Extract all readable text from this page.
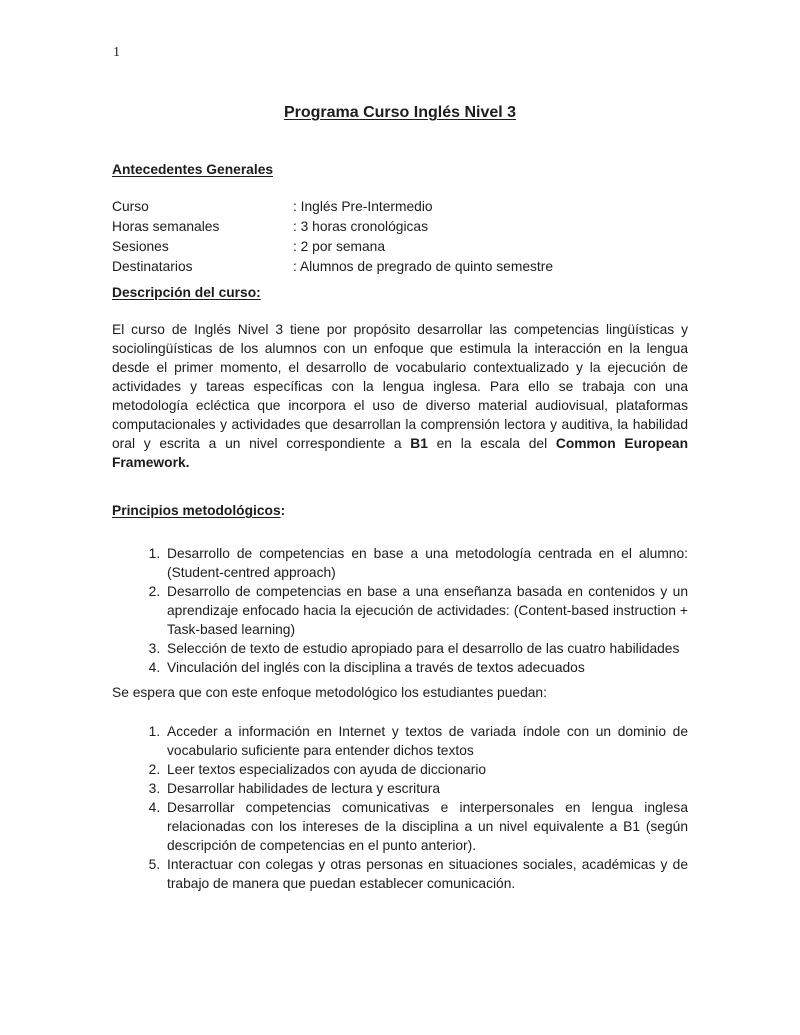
1
Programa Curso Inglés Nivel 3
Antecedentes Generales
Curso	: Inglés Pre-Intermedio
Horas semanales	: 3 horas cronológicas
Sesiones	: 2 por semana
Destinatarios	: Alumnos de pregrado de quinto semestre
Descripción del curso:

El curso de Inglés Nivel 3 tiene por propósito desarrollar las competencias lingüísticas y sociolingüísticas de los alumnos con un enfoque que estimula la interacción en la lengua desde el primer momento, el desarrollo de vocabulario contextualizado y la ejecución de actividades y tareas específicas con la lengua inglesa. Para ello se trabaja con una metodología ecléctica que incorpora el uso de diverso material audiovisual, plataformas computacionales y actividades que desarrollan la comprensión lectora y auditiva, la habilidad oral y escrita a un nivel correspondiente a B1 en la escala del Common European Framework.

Principios metodológicos:
1. Desarrollo de competencias en base a una metodología centrada en el alumno: (Student-centred approach)
2. Desarrollo de competencias en base a una enseñanza basada en contenidos y un aprendizaje enfocado hacia la ejecución de actividades: (Content-based instruction + Task-based learning)
3. Selección de texto de estudio apropiado para el desarrollo de las cuatro habilidades
4. Vinculación del inglés con la disciplina a través de textos adecuados

Se espera que con este enfoque metodológico los estudiantes puedan:

1. Acceder a información en Internet y textos de variada índole con un dominio de vocabulario suficiente para entender dichos textos
2. Leer textos especializados con ayuda de diccionario
3. Desarrollar habilidades de lectura y escritura
4. Desarrollar competencias comunicativas e interpersonales en lengua inglesa relacionadas con los intereses de la disciplina a un nivel equivalente a B1 (según descripción de competencias en el punto anterior).
5. Interactuar con colegas y otras personas en situaciones sociales, académicas y de trabajo de manera que puedan establecer comunicación.
